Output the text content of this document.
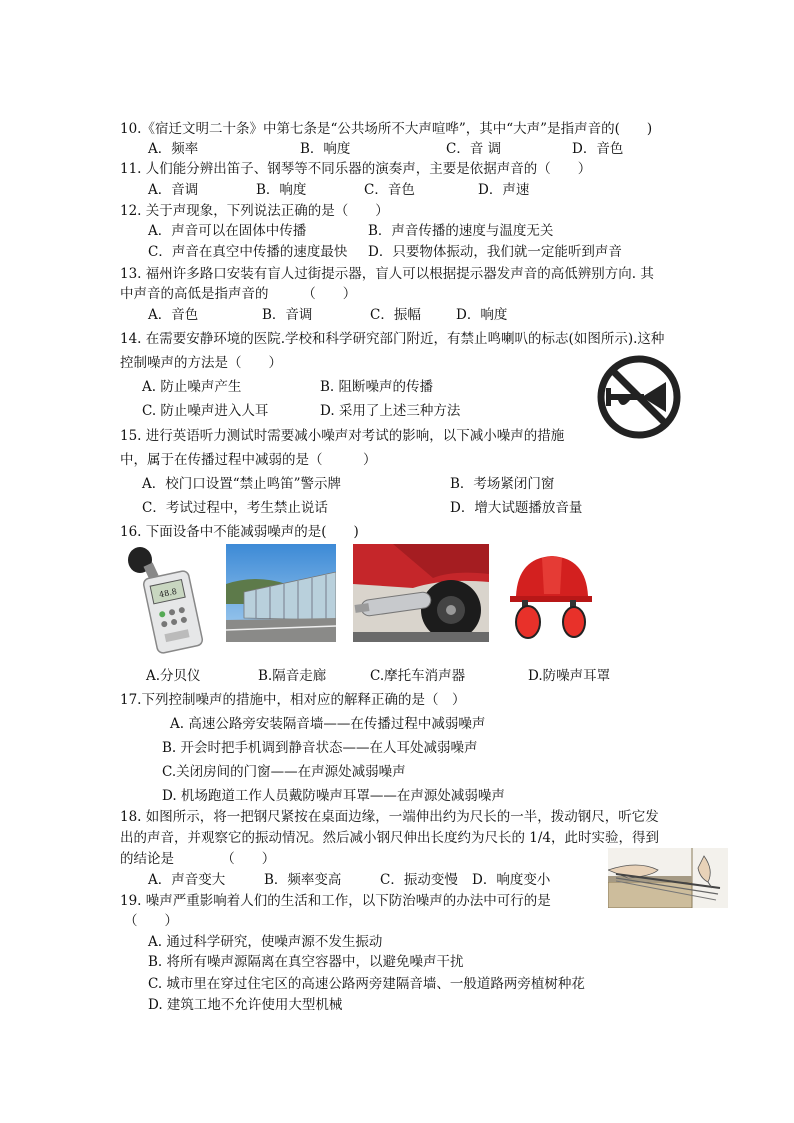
10.《宿迁文明二十条》中第七条是“公共场所不大声喧哗”，其中“大声”是指声音的(　　)
A．频率	B．响度	C．音 调	D．音色
11. 人们能分辨出笛子、钢琴等不同乐器的演奏声，主要是依据声音的（　　）
A．音调	B．响度	C．音色	D．声速
12. 关于声现象，下列说法正确的是（　　）
A．声音可以在固体中传播	B．声音传播的速度与温度无关
C．声音在真空中传播的速度最快 D．只要物体振动，我们就一定能听到声音
13. 福州许多路口安装有盲人过街提示器，盲人可以根据提示器发声音的高低辨别方向. 其
中声音的高低是指声音的　　　（　　）
A．音色	B．音调	C．振幅	D．响度
14. 在需要安静环境的医院.学校和科学研究部门附近，有禁止鸣喇叭的标志(如图所示).这种
控制噪声的方法是（　　）
A. 防止噪声产生	B. 阻断噪声的传播
C. 防止噪声进入人耳	D. 采用了上述三种方法
15. 进行英语听力测试时需要减小噪声对考试的影响，以下减小噪声的措施
中，属于在传播过程中减弱的是（　　　）
A．校门口设置“禁止鸣笛”警示牌	B．考场紧闭门窗
C．考试过程中，考生禁止说话	D．增大试题播放音量
16. 下面设备中不能减弱噪声的是(　　)
48.8
A.分贝仪	B.隔音走廊	C.摩托车消声器	D.防噪声耳罩
17.下列控制噪声的措施中，相对应的解释正确的是（　）
A. 高速公路旁安装隔音墙——在传播过程中减弱噪声
B. 开会时把手机调到静音状态——在人耳处减弱噪声
C.关闭房间的门窗——在声源处减弱噪声
D. 机场跑道工作人员戴防噪声耳罩——在声源处减弱噪声
18. 如图所示，将一把钢尺紧按在桌面边缘，一端伸出约为尺长的一半，拨动钢尺，听它发
出的声音，并观察它的振动情况。然后减小钢尺伸出长度约为尺长的 1/4，此时实验，得到
的结论是　　　　（　　）
A．声音变大	B．频率变高	C．振动变慢 D．响度变小
19. 噪声严重影响着人们的生活和工作，以下防治噪声的办法中可行的是
（　　）
A. 通过科学研究，使噪声源不发生振动
B. 将所有噪声源隔离在真空容器中，以避免噪声干扰
C. 城市里在穿过住宅区的高速公路两旁建隔音墙、一般道路两旁植树种花
D. 建筑工地不允许使用大型机械
